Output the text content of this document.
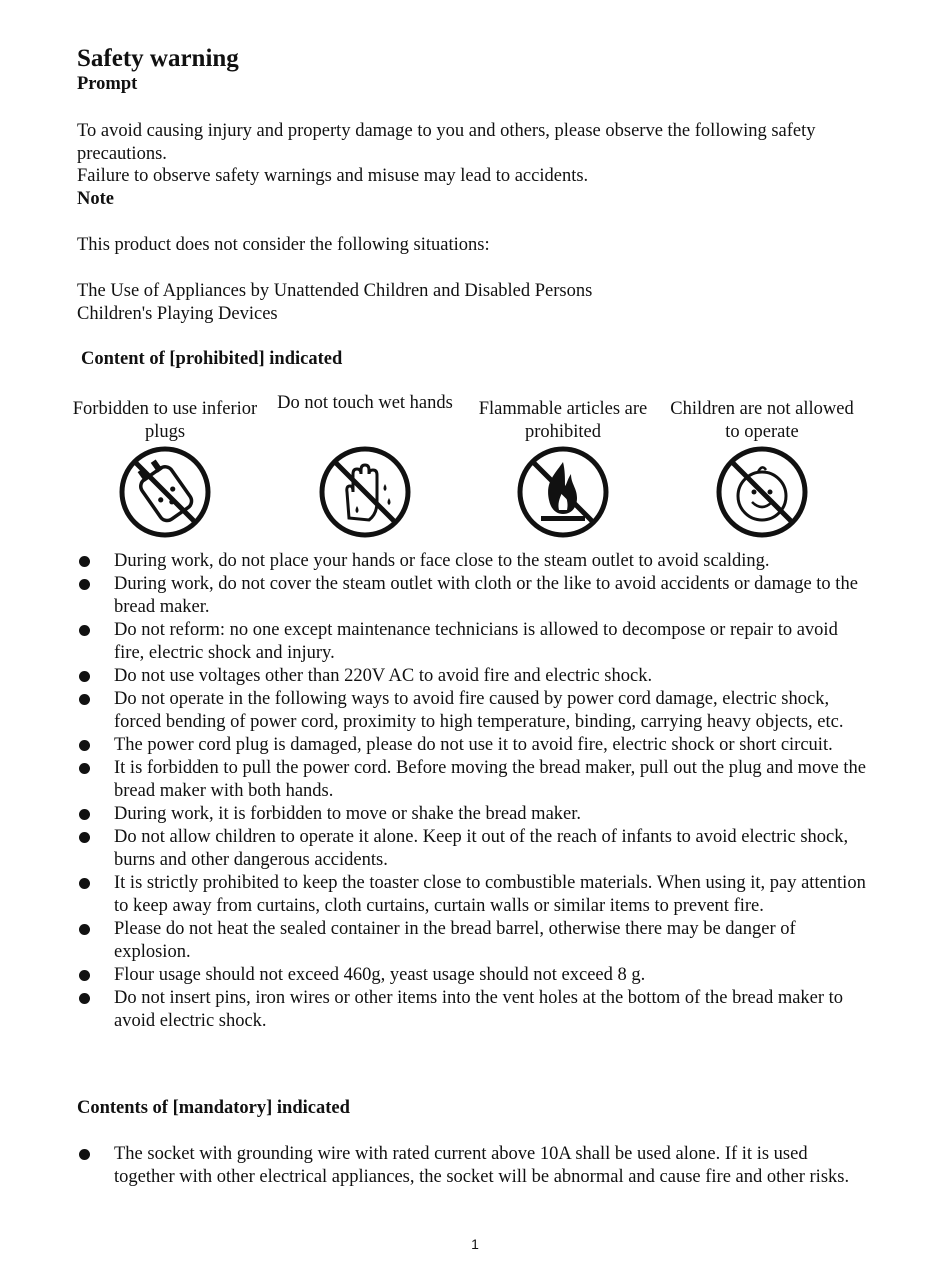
Safety warning
Prompt
To avoid causing injury and property damage to you and others, please observe the following safety precautions.
Failure to observe safety warnings and misuse may lead to accidents.
Note
This product does not consider the following situations:
The Use of Appliances by Unattended Children and Disabled Persons
Children's Playing Devices
Content of [prohibited] indicated
Forbidden to use inferior plugs
Do not touch wet hands	Flammable articles are prohibited
Children are not allowed to operate
During work, do not place your hands or face close to the steam outlet to avoid scalding.
During work, do not cover the steam outlet with cloth or the like to avoid accidents or damage to the bread maker.
Do not reform: no one except maintenance technicians is allowed to decompose or repair to avoid fire, electric shock and injury.
Do not use voltages other than 220V AC to avoid fire and electric shock.
Do not operate in the following ways to avoid fire caused by power cord damage, electric shock, forced bending of power cord, proximity to high temperature, binding, carrying heavy objects, etc.
The power cord plug is damaged, please do not use it to avoid fire, electric shock or short circuit.
It is forbidden to pull the power cord. Before moving the bread maker, pull out the plug and move the bread maker with both hands.
During work, it is forbidden to move or shake the bread maker.
Do not allow children to operate it alone. Keep it out of the reach of infants to avoid electric shock, burns and other dangerous accidents.
It is strictly prohibited to keep the toaster close to combustible materials. When using it, pay attention to keep away from curtains, cloth curtains, curtain walls or similar items to prevent fire.
Please do not heat the sealed container in the bread barrel, otherwise there may be danger of explosion.
Flour usage should not exceed 460g, yeast usage should not exceed 8 g.
Do not insert pins, iron wires or other items into the vent holes at the bottom of the bread maker to avoid electric shock.
Contents of [mandatory] indicated
The socket with grounding wire with rated current above 10A shall be used alone. If it is used together with other electrical appliances, the socket will be abnormal and cause fire and other risks.
1
